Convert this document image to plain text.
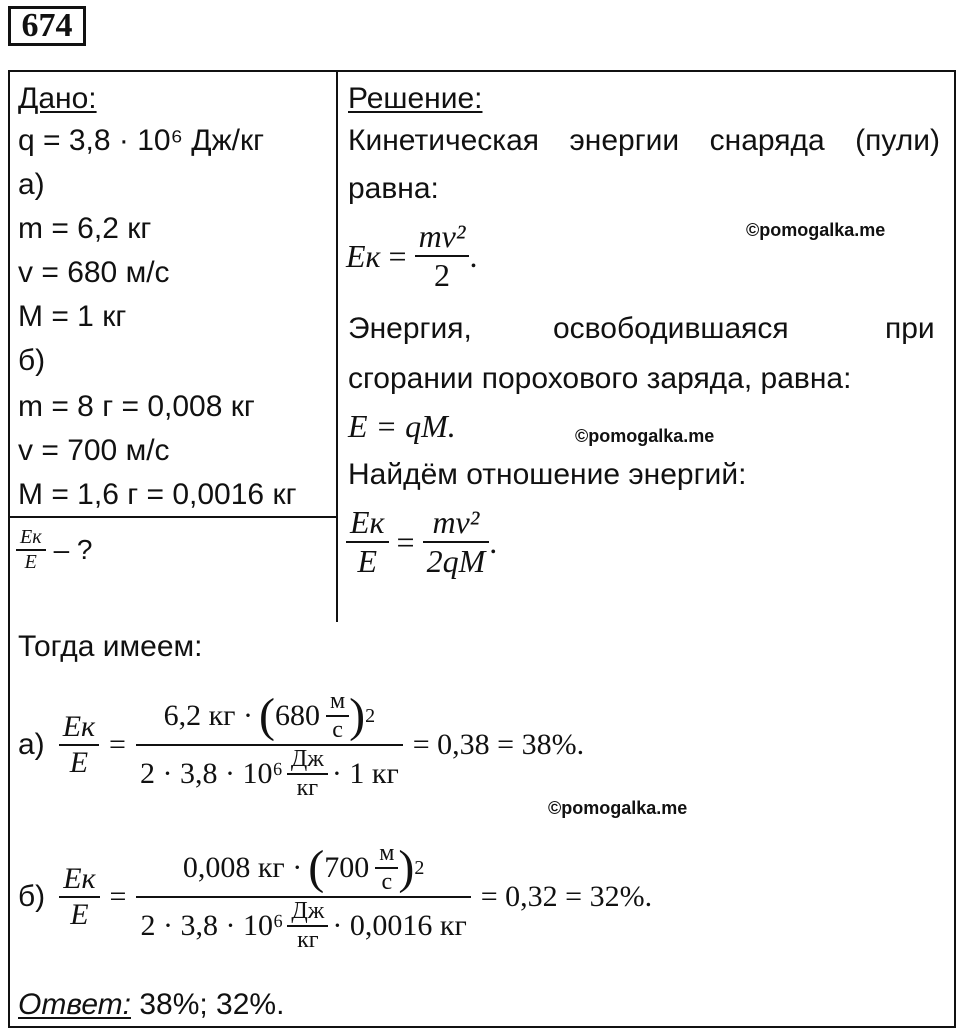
674
Дано:
q = 3,8 · 10⁶ Дж/кг
а)
m = 6,2 кг
v = 680 м/с
M = 1 кг
б)
m = 8 г = 0,008 кг
v = 700 м/с
M = 1,6 г = 0,0016 кг
$\frac{Eк}{E}$ – ?
Решение:
Кинетическая энергии снаряда (пули)
равна:
Eк = $\frac{\text{mv²}}{2}$ .
Энергия,	освободившаяся	при
сгорании порохового заряда, равна:
E = qM.
Найдём отношение энергий:
$\frac{Eк}{E} = \frac{\text{mv²}}{2qM}$ .
Тогда имеем:
$а) \frac{Eк}{E}$ =
6,2 кг · ( $680 \frac{м}{с}$ ) 2
$2 \cdot 3,8 \cdot 10^6 \frac{Дж}{кг} \cdot 1$ кг
= 0,38 = 38%.
$б) \frac{Eк}{E}$ =
0,008 кг · ( $700 \frac{м}{с}$ ) 2
$2 \cdot 3,8 \cdot 10^6 \frac{Дж}{кг} \cdot 0,0016$ кг
= 0,32 = 32%.
Ответ: 38%; 32%.
©pomogalka.me
©pomogalka.me
©pomogalka.me
